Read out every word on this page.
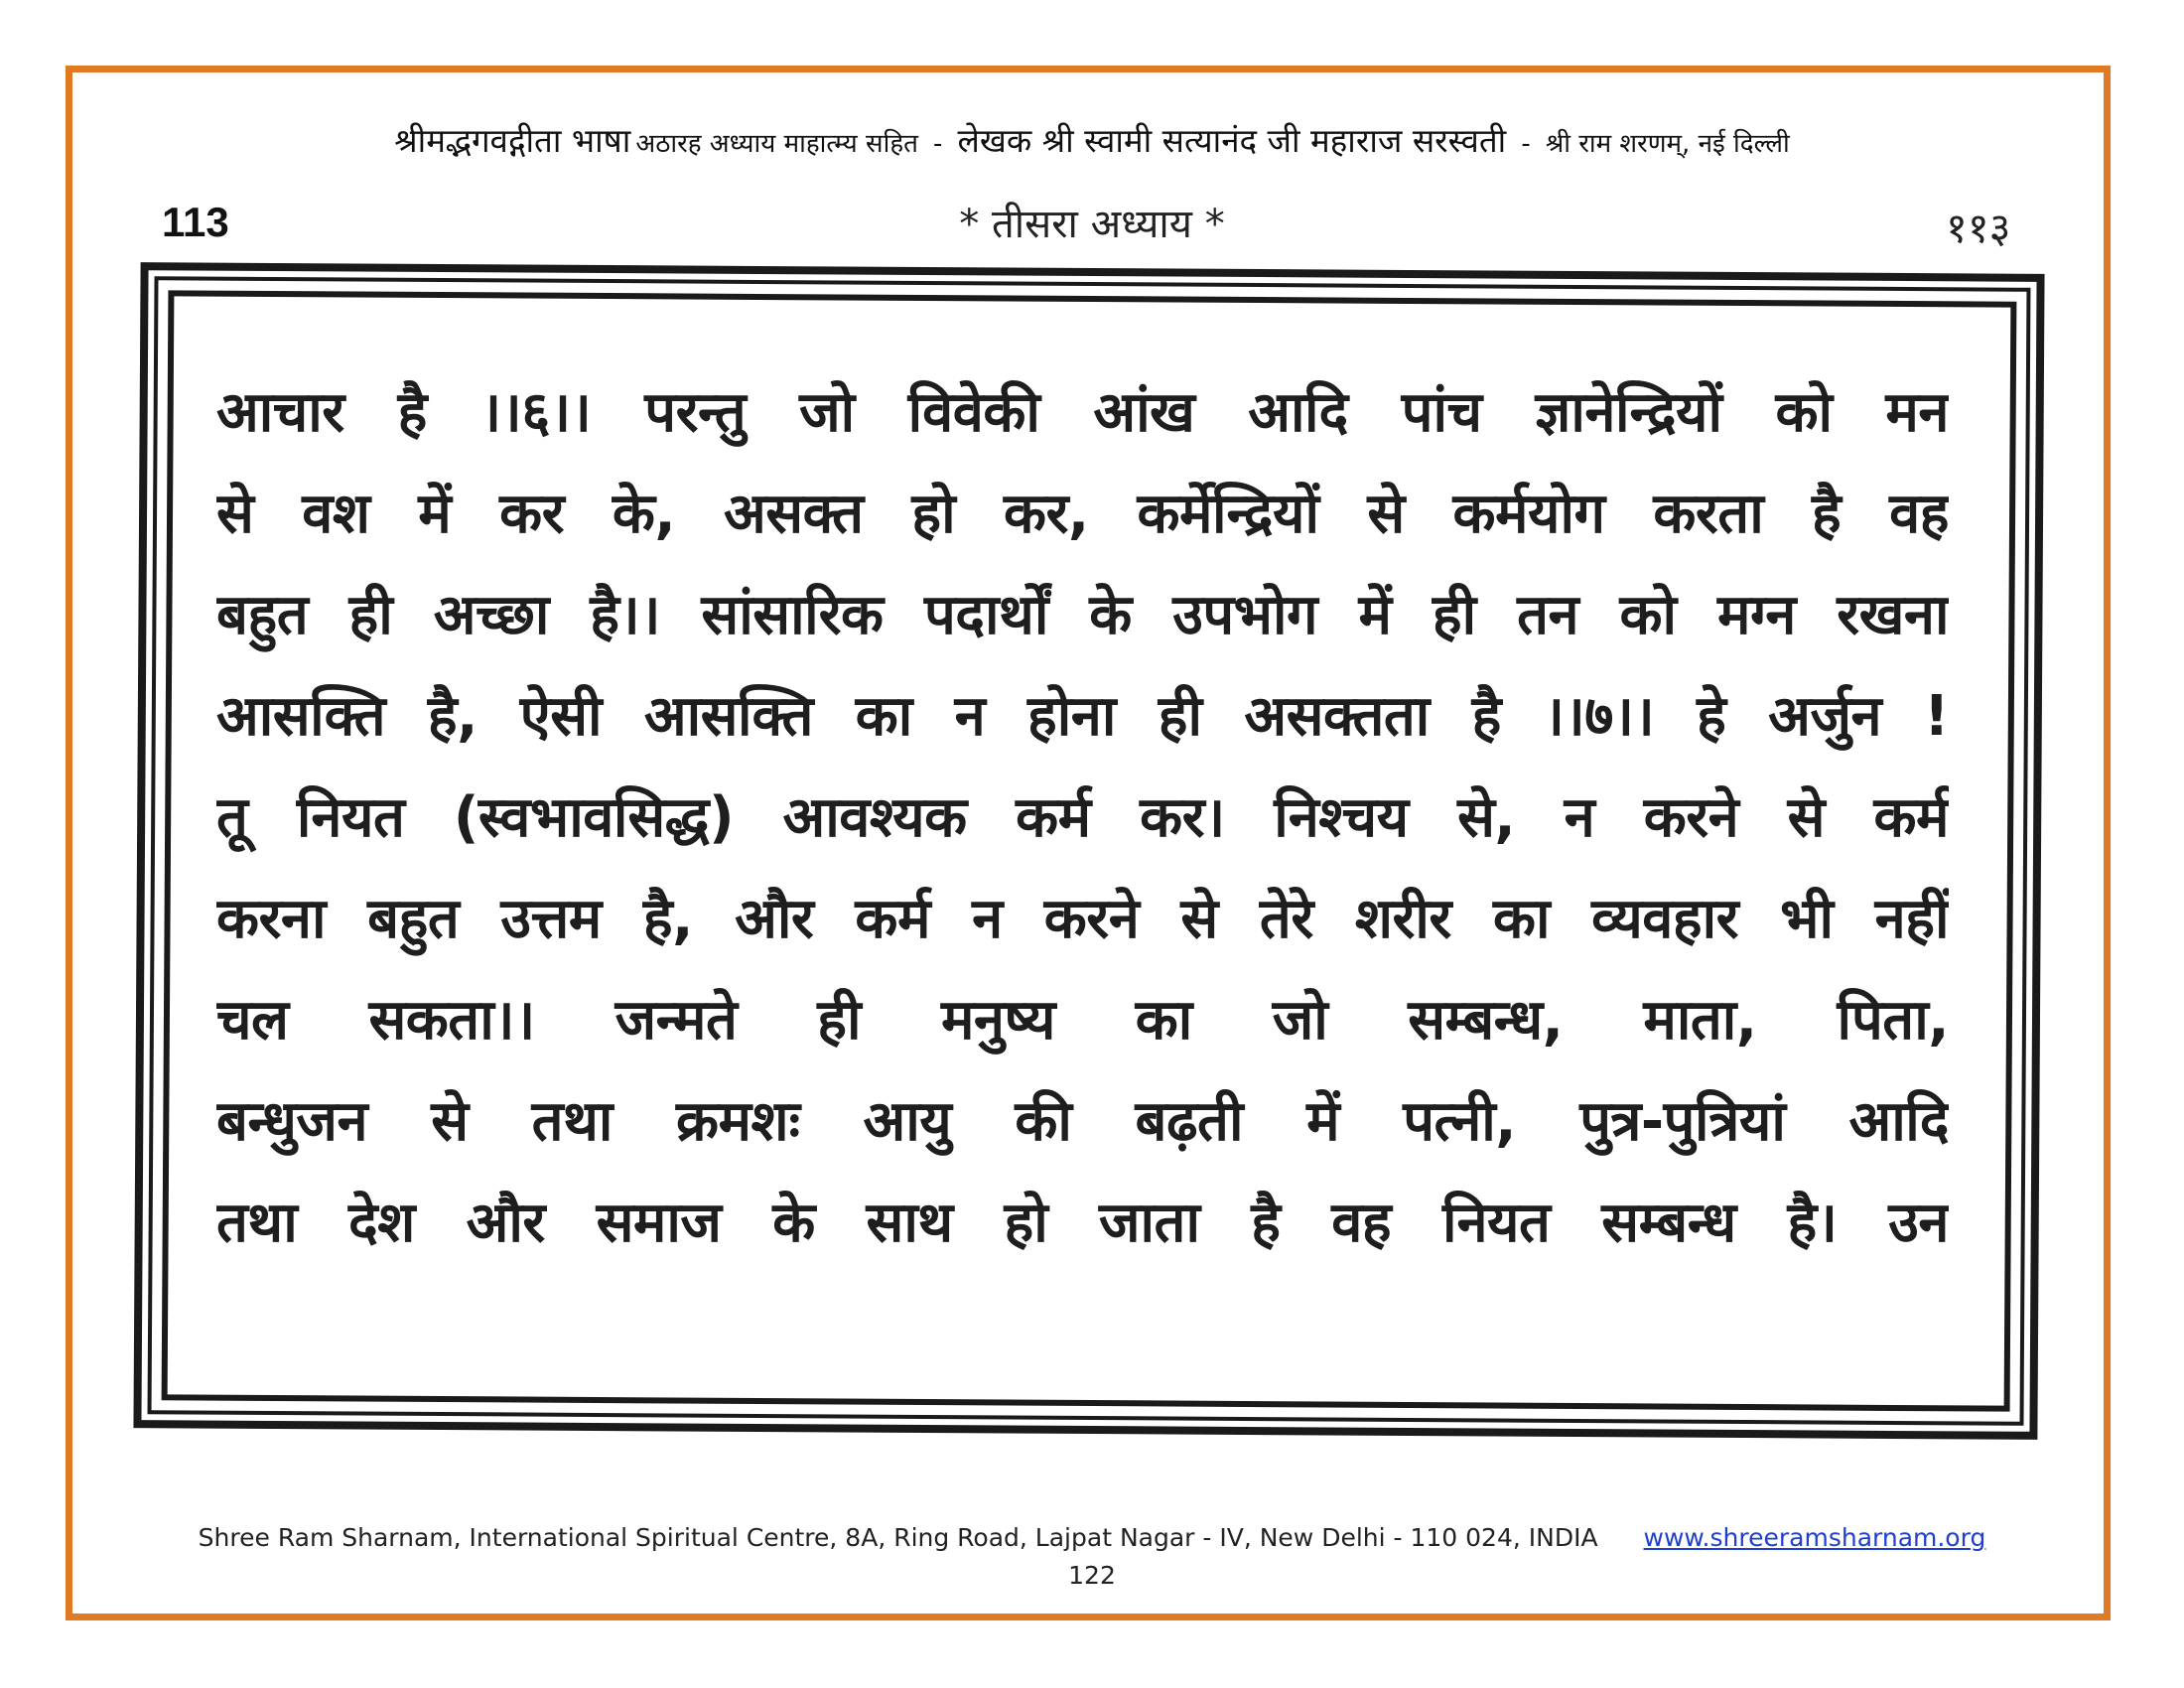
श्रीमद्भगवद्गीता भाषा अठारह अध्याय माहात्म्य सहित - लेखक श्री स्वामी सत्यानंद जी महाराज सरस्वती - श्री राम शरणम्, नई दिल्ली
113	* तीसरा अध्याय *	११३
आचार है ।।६।। परन्तु जो विवेकी आंख आदि पांच ज्ञानेन्द्रियों को मन
से वश में कर के, असक्त हो कर, कर्मेन्द्रियों से कर्मयोग करता है वह
बहुत ही अच्छा है।। सांसारिक पदार्थों के उपभोग में ही तन को मग्न रखना
आसक्ति है, ऐसी आसक्ति का न होना ही असक्तता है ।।७।। हे अर्जुन !
तू नियत (स्वभावसिद्ध) आवश्यक कर्म कर। निश्चय से, न करने से कर्म
करना बहुत उत्तम है, और कर्म न करने से तेरे शरीर का व्यवहार भी नहीं
चल सकता।। जन्मते ही मनुष्य का जो सम्बन्ध, माता, पिता,
बन्धुजन से तथा क्रमशः आयु की बढ़ती में पत्नी, पुत्र-पुत्रियां आदि
तथा देश और समाज के साथ हो जाता है वह नियत सम्बन्ध है। उन
Shree Ram Sharnam, International Spiritual Centre, 8A, Ring Road, Lajpat Nagar - IV, New Delhi - 110 024, INDIA www.shreeramsharnam.org
122
